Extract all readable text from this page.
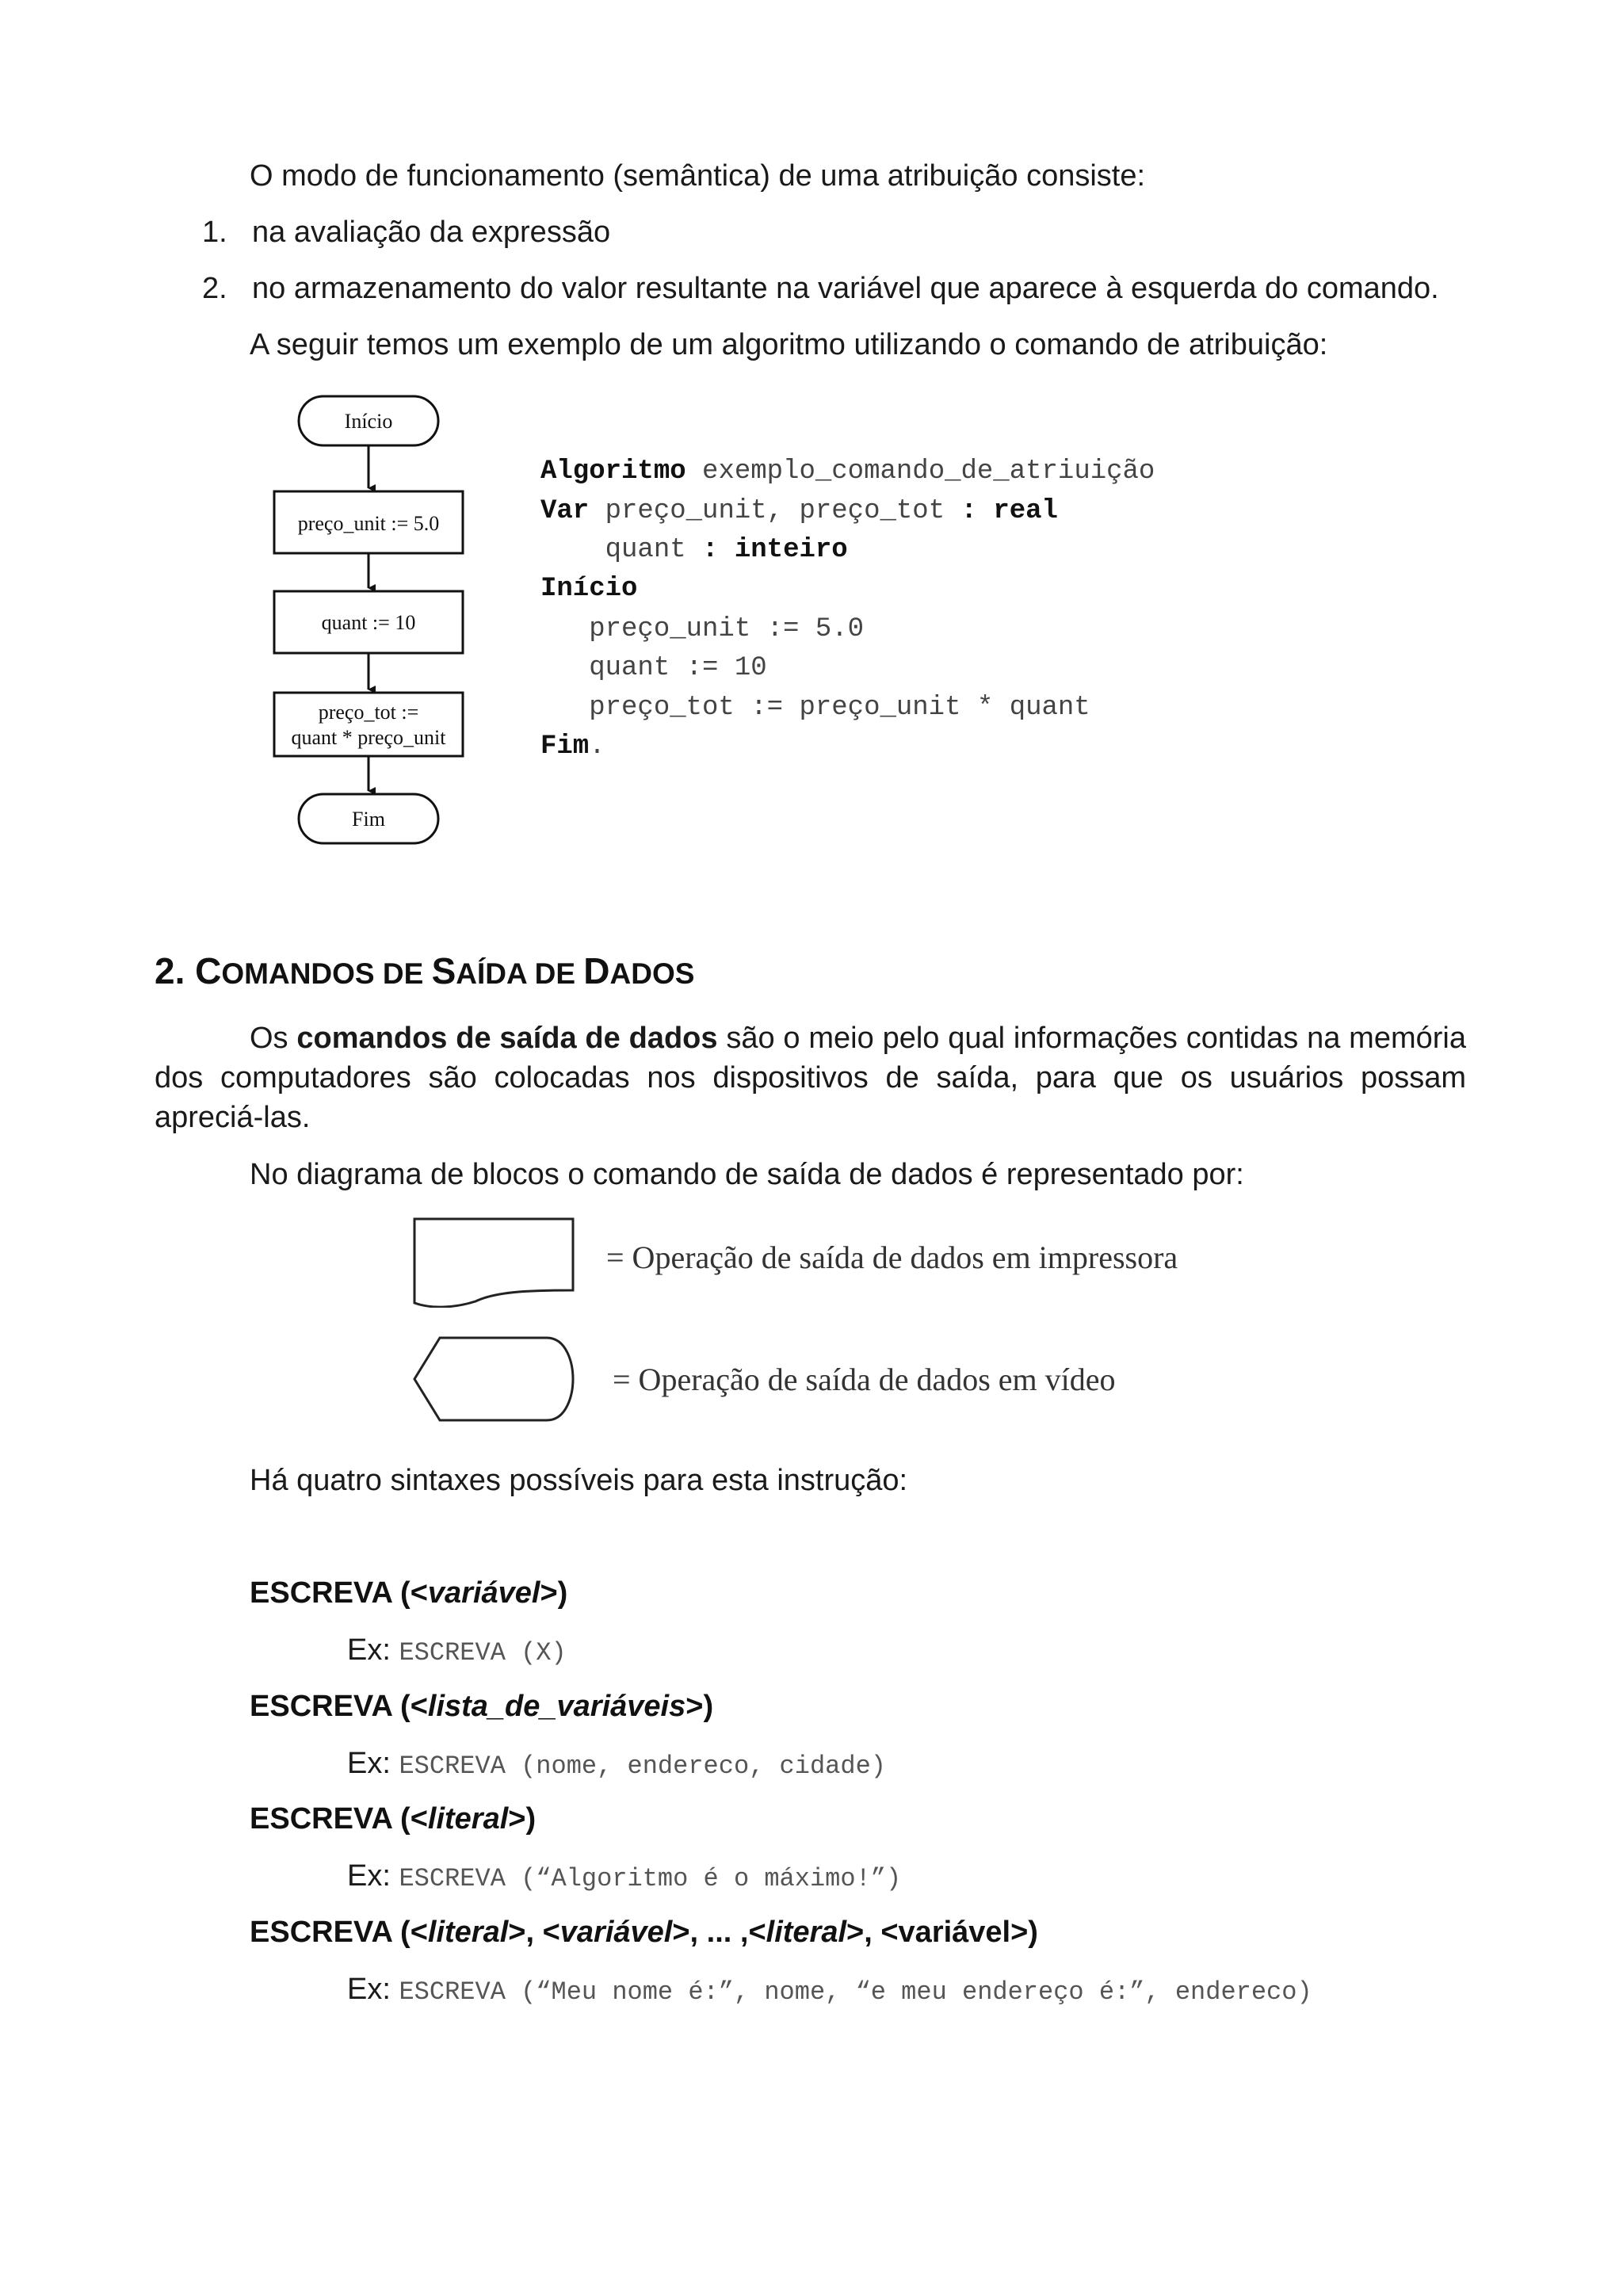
O modo de funcionamento (semântica) de uma atribuição consiste:
1. na avaliação da expressão
2. no armazenamento do valor resultante na variável que aparece à esquerda do comando.
A seguir temos um exemplo de um algoritmo utilizando o comando de atribuição:
Início
preço_unit := 5.0
quant := 10
preço_tot :=
quant * preço_unit
Fim
Algoritmo exemplo_comando_de_atriuição
Var preço_unit, preço_tot : real
quant : inteiro
Início
preço_unit := 5.0
quant := 10
preço_tot := preço_unit * quant
Fim.
2. COMANDOS DE SAÍDA DE DADOS
Os comandos de saída de dados são o meio pelo qual informações contidas na memória dos computadores são colocadas nos dispositivos de saída, para que os usuários possam apreciá-las.
No diagrama de blocos o comando de saída de dados é representado por:
= Operação de saída de dados em impressora
= Operação de saída de dados em vídeo
Há quatro sintaxes possíveis para esta instrução:
ESCREVA (<variável>)
Ex: ESCREVA (X)
ESCREVA (<lista_de_variáveis>)
Ex: ESCREVA (nome, endereco, cidade)
ESCREVA (<literal>)
Ex: ESCREVA (“Algoritmo é o máximo!”)
ESCREVA (<literal>, <variável>, ... ,<literal>, <variável>)
Ex: ESCREVA (“Meu nome é:”, nome, “e meu endereço é:”, endereco)
